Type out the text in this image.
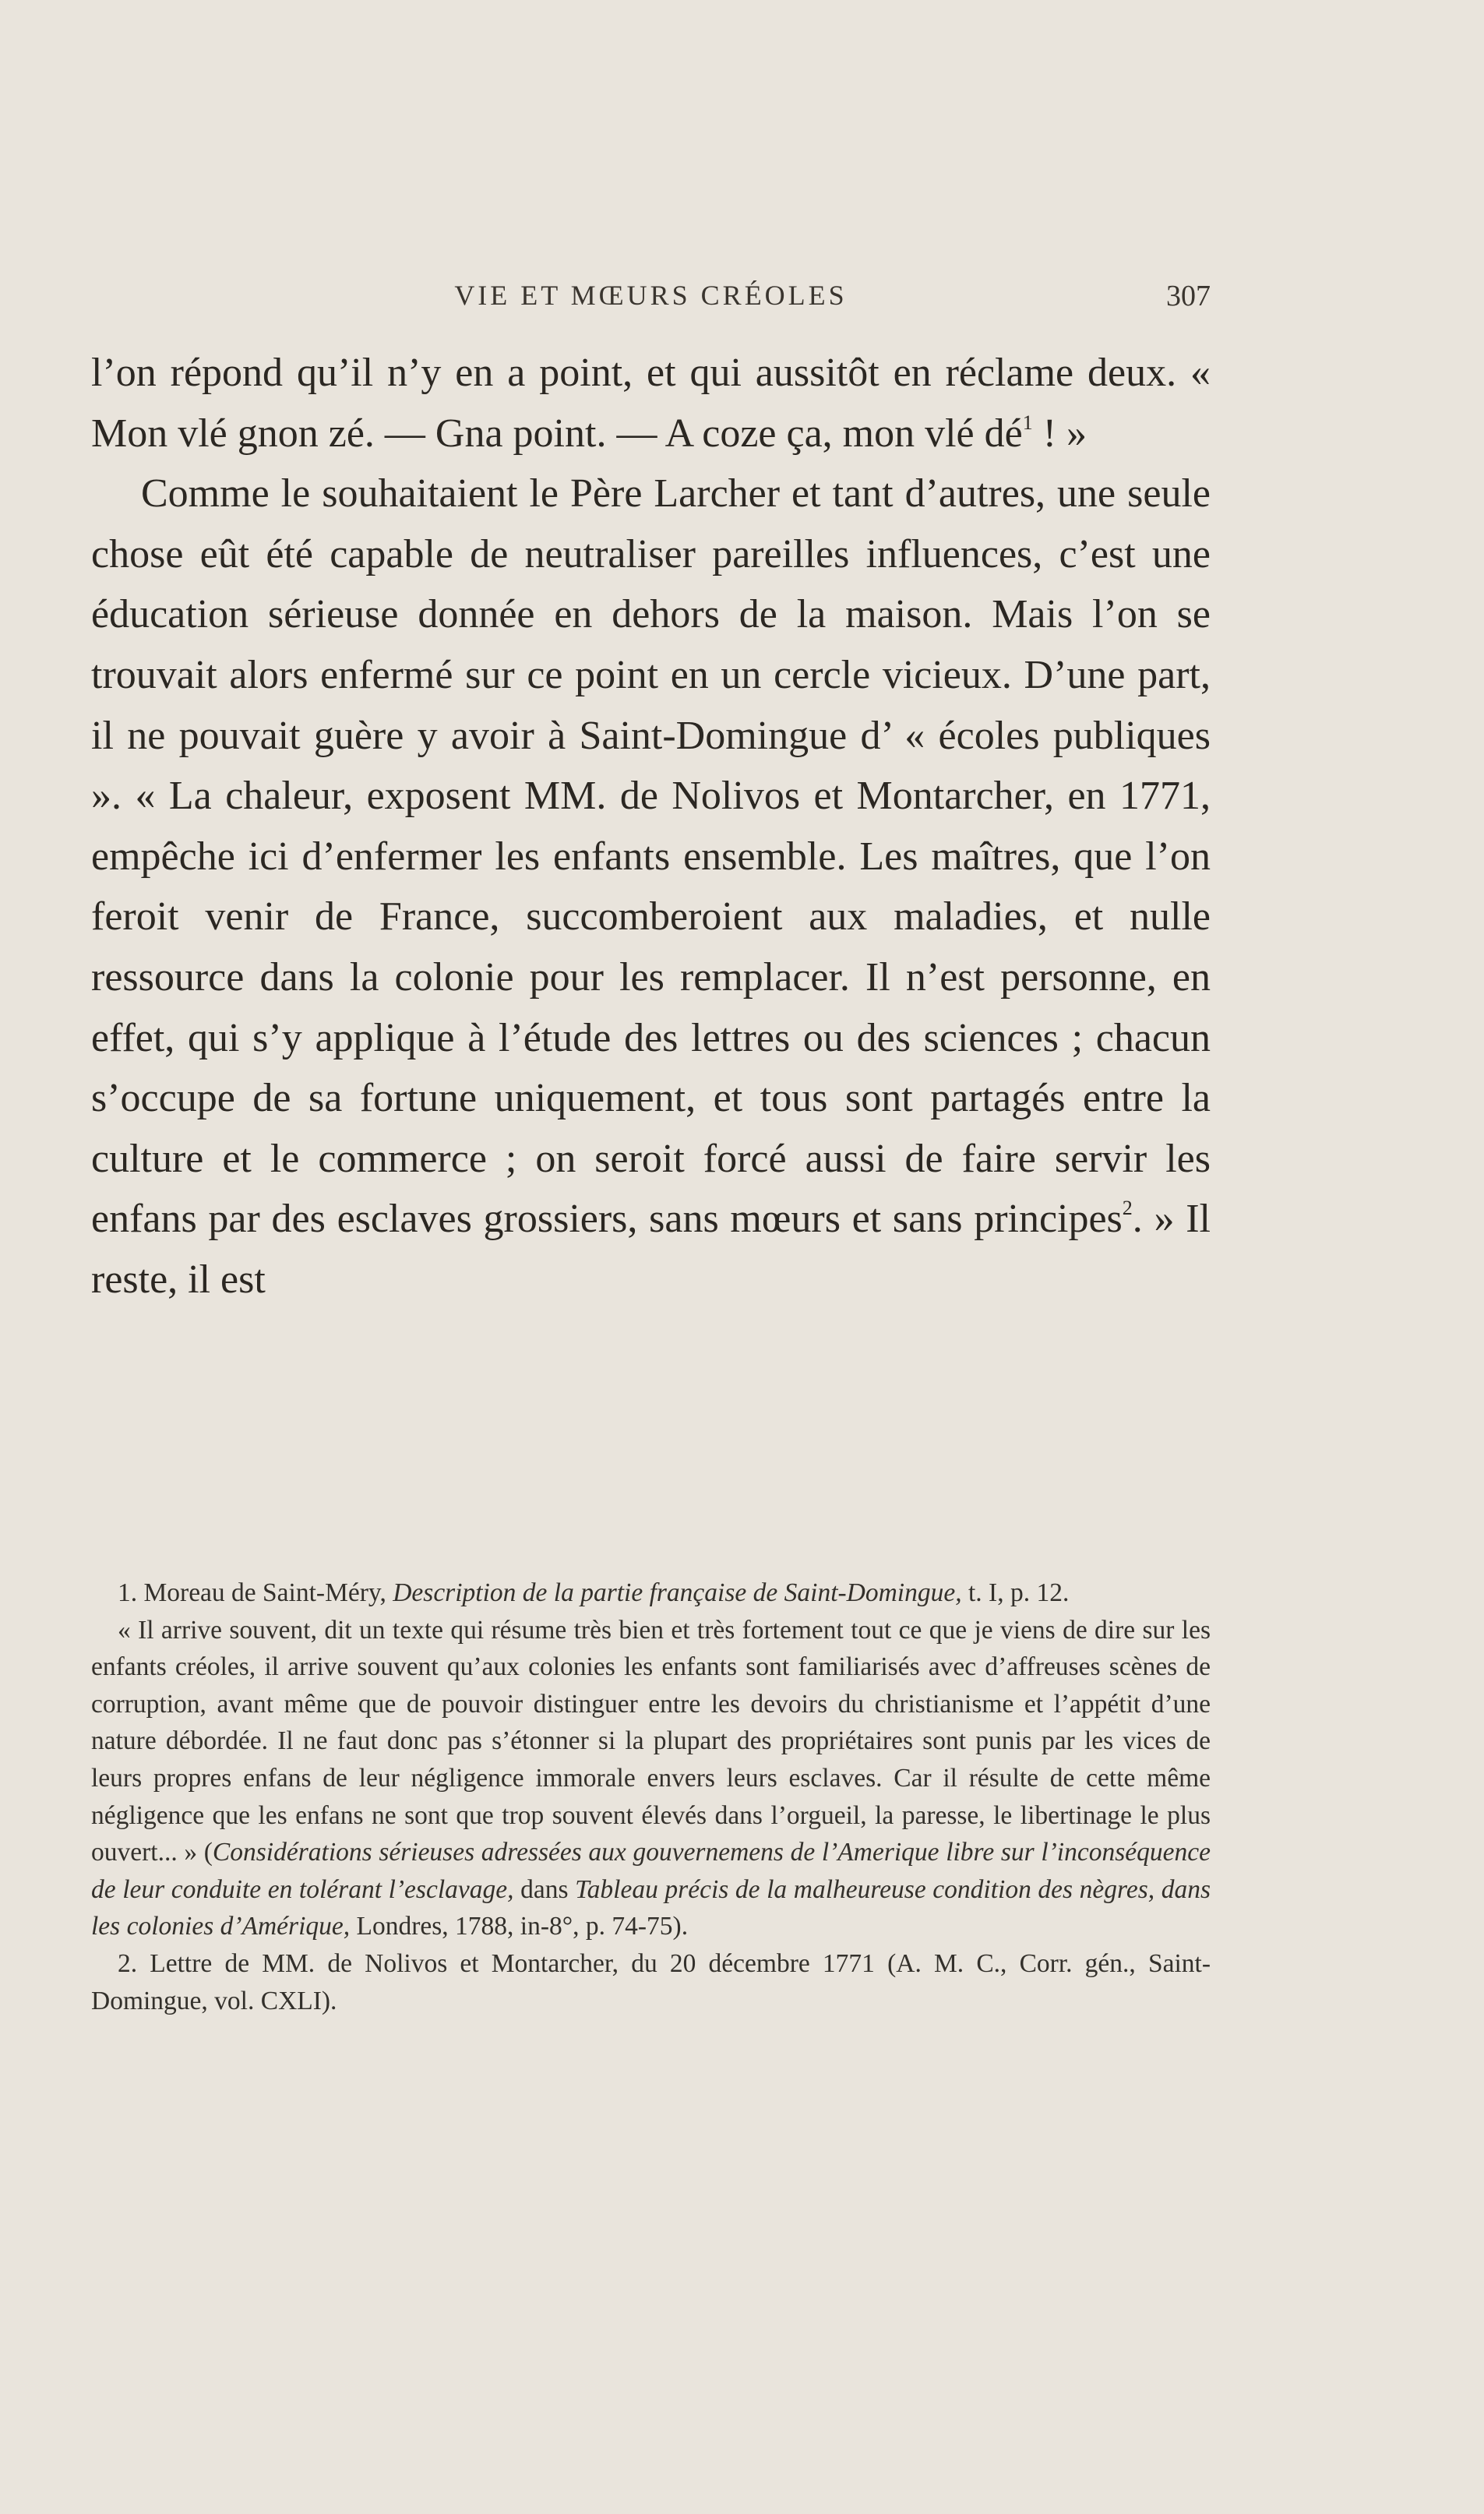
VIE ET MŒURS CRÉOLES	307

l’on répond qu’il n’y en a point, et qui aussitôt en réclame deux. « Mon vlé gnon zé. — Gna point. — A coze ça, mon vlé $dé^1$ ! »

Comme le souhaitaient le Père Larcher et tant d’autres, une seule chose eût été capable de neutraliser pareilles influences, c’est une éducation sérieuse donnée en dehors de la maison. Mais l’on se trouvait alors enfermé sur ce point en un cercle vicieux. D’une part, il ne pouvait guère y avoir à Saint-Domingue d’ « écoles publiques ». « La chaleur, exposent MM. de Nolivos et Montarcher, en 1771, empêche ici d’enfermer les enfants ensemble. Les maîtres, que l’on feroit venir de France, succomberoient aux maladies, et nulle ressource dans la colonie pour les remplacer. Il n’est personne, en effet, qui s’y applique à l’étude des lettres ou des sciences ; chacun s’occupe de sa fortune uniquement, et tous sont partagés entre la culture et le commerce ; on seroit forcé aussi de faire servir les enfans par des esclaves grossiers, sans mœurs et sans principes$^2$. » Il reste, il est

1. Moreau de Saint-Méry, Description de la partie française de Saint-Domingue, t. I, p. 12.

« Il arrive souvent, dit un texte qui résume très bien et très fortement tout ce que je viens de dire sur les enfants créoles, il arrive souvent qu’aux colonies les enfants sont familiarisés avec d’affreuses scènes de corruption, avant même que de pouvoir distinguer entre les devoirs du christianisme et l’appétit d’une nature débordée. Il ne faut donc pas s’étonner si la plupart des propriétaires sont punis par les vices de leurs propres enfans de leur négligence immorale envers leurs esclaves. Car il résulte de cette même négligence que les enfans ne sont que trop souvent élevés dans l’orgueil, la paresse, le libertinage le plus ouvert... » (Considérations sérieuses adressées aux gouvernemens de l’Amerique libre sur l’inconséquence de leur conduite en tolérant l’esclavage, dans Tableau précis de la malheureuse condition des nègres, dans les colonies d’Amérique, Londres, 1788, in-8°, p. 74-75).

2. Lettre de MM. de Nolivos et Montarcher, du 20 décembre 1771 (A. M. C., Corr. gén., Saint-Domingue, vol. CXLI).
